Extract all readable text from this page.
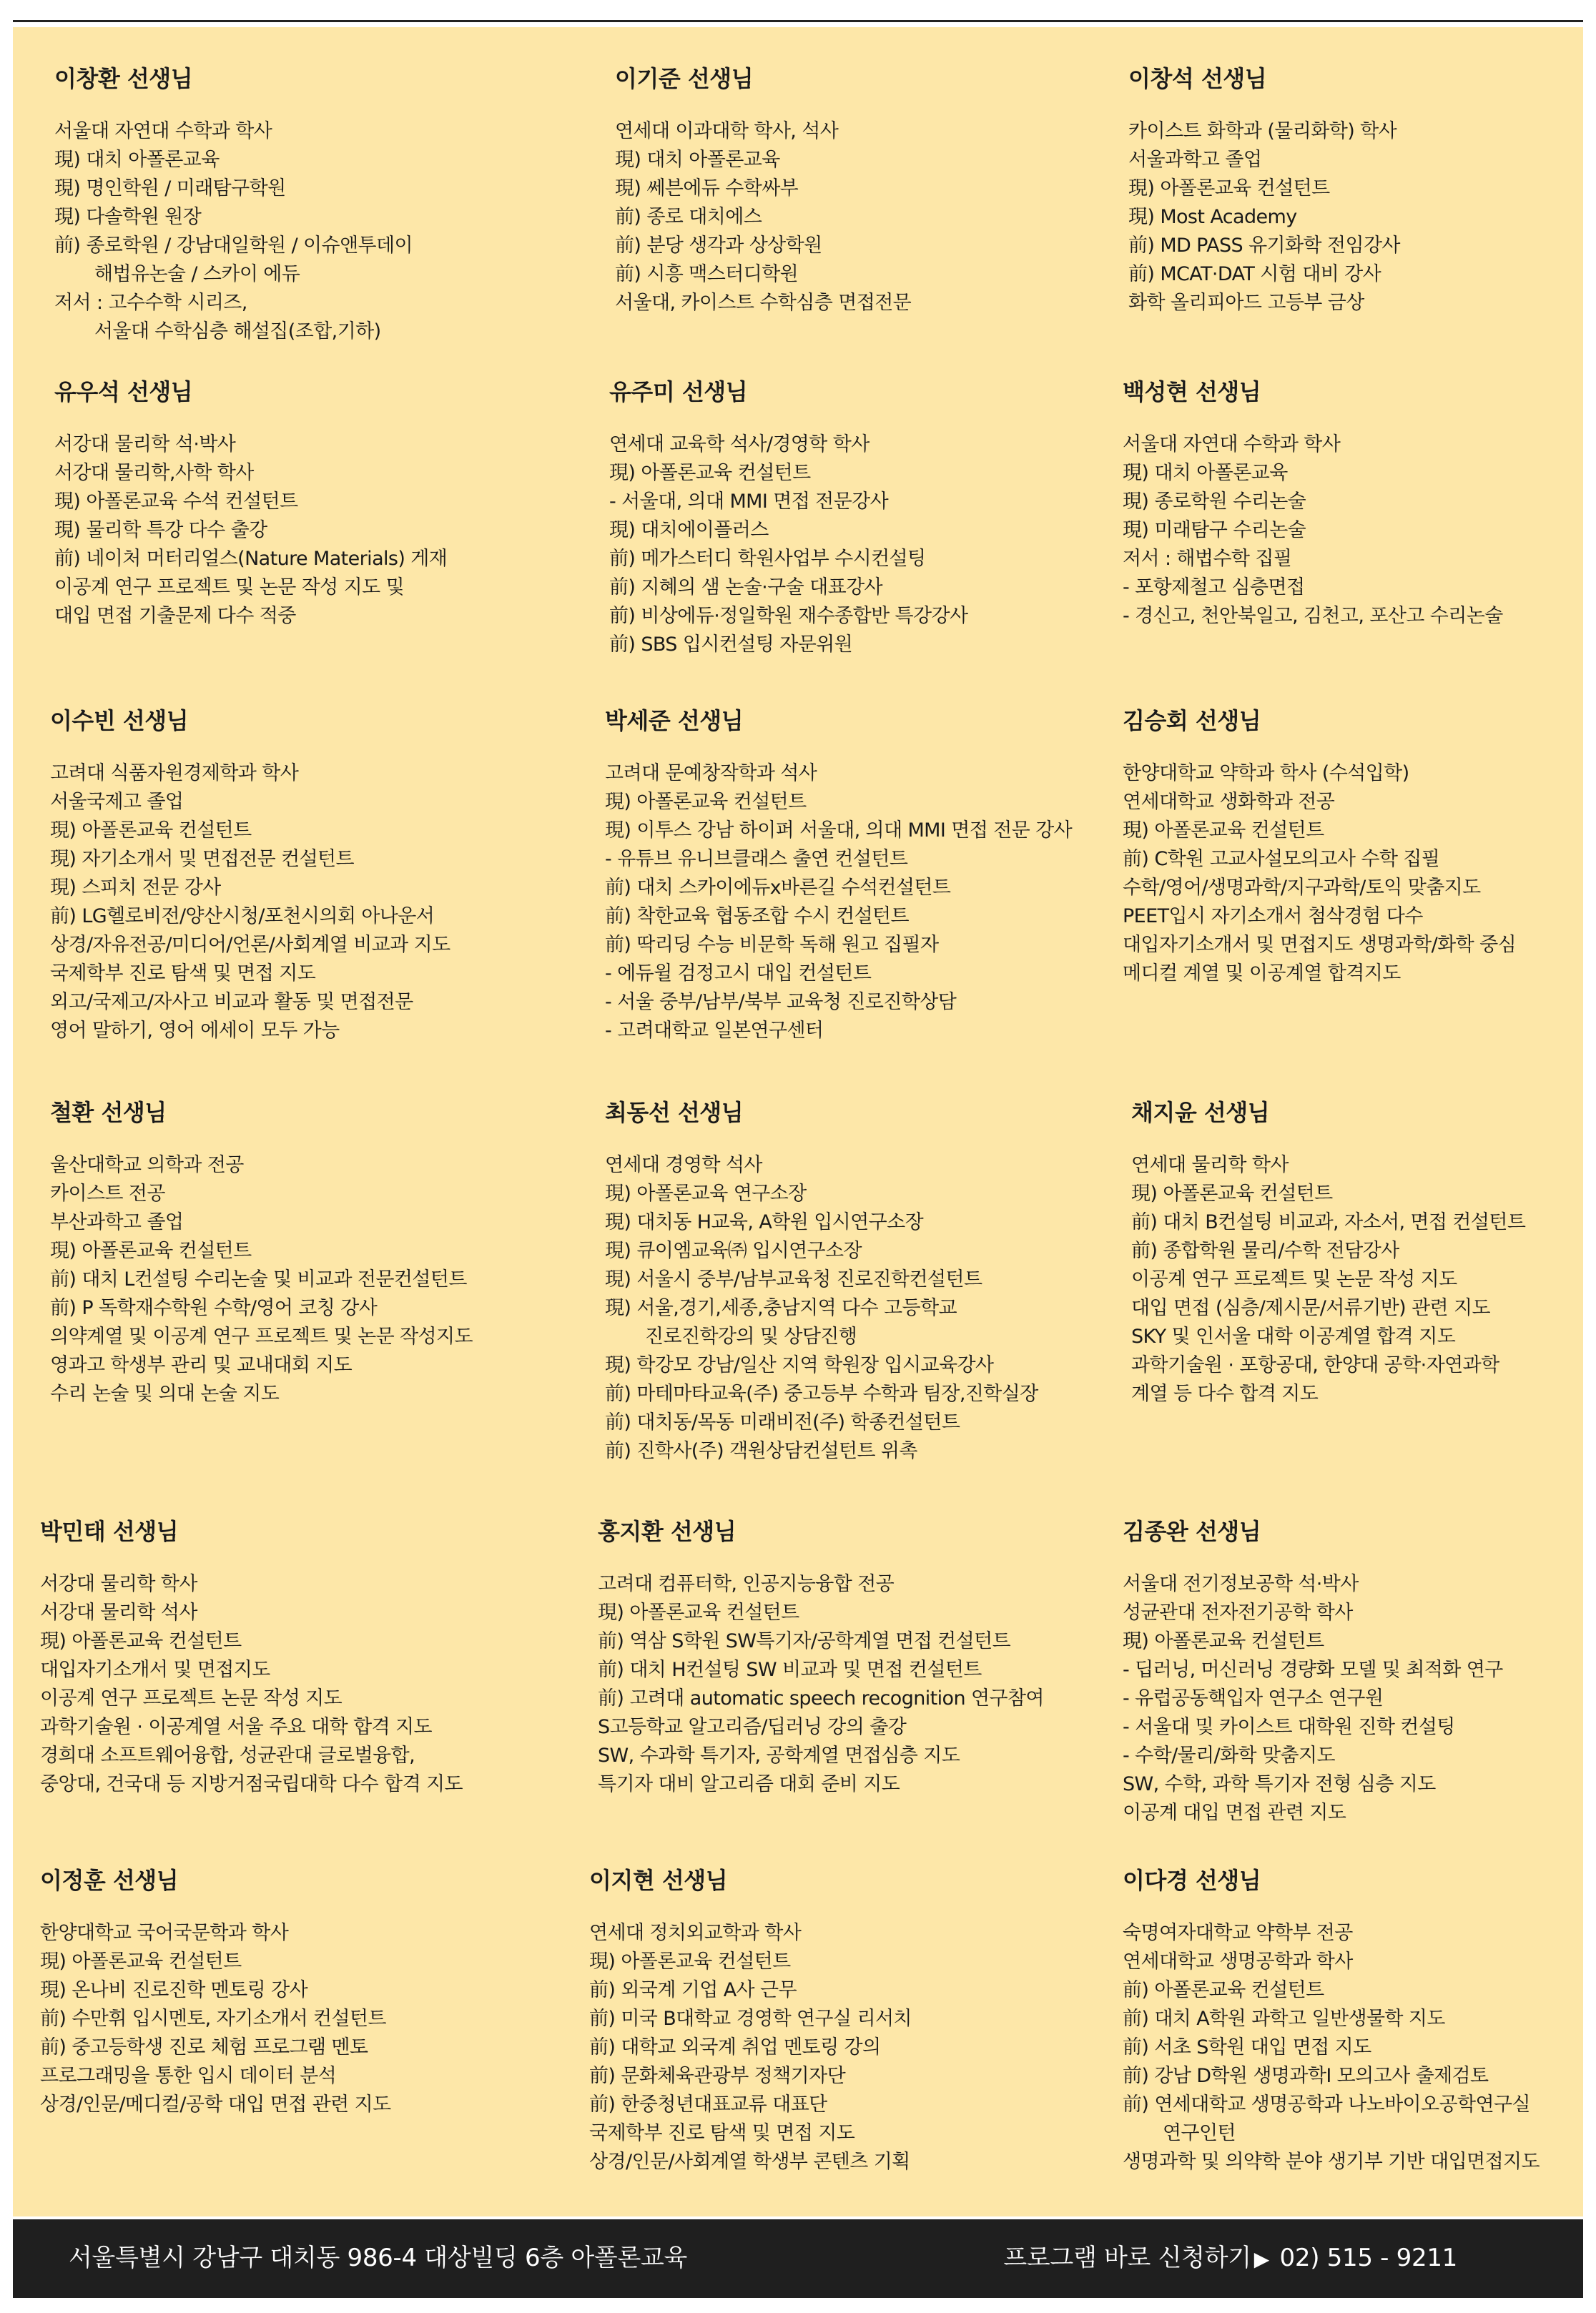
이창환 선생님
서울대 자연대 수학과 학사
現) 대치 아폴론교육
現) 명인학원 / 미래탐구학원
現) 다솔학원 원장
前) 종로학원 / 강남대일학원 / 이슈앤투데이
해법유논술 / 스카이 에듀
저서 : 고수수학 시리즈,
서울대 수학심층 해설집(조합,기하)
이기준 선생님
연세대 이과대학 학사, 석사
現) 대치 아폴론교육
現) 쎄븐에듀 수학싸부
前) 종로 대치에스
前) 분당 생각과 상상학원
前) 시흥 맥스터디학원
서울대, 카이스트 수학심층 면접전문
이창석 선생님
카이스트 화학과 (물리화학) 학사
서울과학고 졸업
現) 아폴론교육 컨설턴트
現) Most Academy
前) MD PASS 유기화학 전임강사
前) MCAT·DAT 시험 대비 강사
화학 올리피아드 고등부 금상
유우석 선생님
서강대 물리학 석·박사
서강대 물리학,사학 학사
現) 아폴론교육 수석 컨설턴트
現) 물리학 특강 다수 출강
前) 네이처 머터리얼스(Nature Materials) 게재
이공계 연구 프로젝트 및 논문 작성 지도 및
대입 면접 기출문제 다수 적중
유주미 선생님
연세대 교육학 석사/경영학 학사
現) 아폴론교육 컨설턴트
- 서울대, 의대 MMI 면접 전문강사
現) 대치에이플러스
前) 메가스터디 학원사업부 수시컨설팅
前) 지혜의 샘 논술·구술 대표강사
前) 비상에듀·정일학원 재수종합반 특강강사
前) SBS 입시컨설팅 자문위원
백성현 선생님
서울대 자연대 수학과 학사
現) 대치 아폴론교육
現) 종로학원 수리논술
現) 미래탐구 수리논술
저서 : 해법수학 집필
- 포항제철고 심층면접
- 경신고, 천안북일고, 김천고, 포산고 수리논술
이수빈 선생님
고려대 식품자원경제학과 학사
서울국제고 졸업
現) 아폴론교육 컨설턴트
現) 자기소개서 및 면접전문 컨설턴트
現) 스피치 전문 강사
前) LG헬로비전/양산시청/포천시의회 아나운서
상경/자유전공/미디어/언론/사회계열 비교과 지도
국제학부 진로 탐색 및 면접 지도
외고/국제고/자사고 비교과 활동 및 면접전문
영어 말하기, 영어 에세이 모두 가능
박세준 선생님
고려대 문예창작학과 석사
現) 아폴론교육 컨설턴트
現) 이투스 강남 하이퍼 서울대, 의대 MMI 면접 전문 강사
- 유튜브 유니브클래스 출연 컨설턴트
前) 대치 스카이에듀x바른길 수석컨설턴트
前) 착한교육 협동조합 수시 컨설턴트
前) 딱리딩 수능 비문학 독해 원고 집필자
- 에듀윌 검정고시 대입 컨설턴트
- 서울 중부/남부/북부 교육청 진로진학상담
- 고려대학교 일본연구센터
김승회 선생님
한양대학교 약학과 학사 (수석입학)
연세대학교 생화학과 전공
現) 아폴론교육 컨설턴트
前) C학원 고교사설모의고사 수학 집필
수학/영어/생명과학/지구과학/토익 맞춤지도
PEET입시 자기소개서 첨삭경험 다수
대입자기소개서 및 면접지도 생명과학/화학 중심
메디컬 계열 및 이공계열 합격지도
철환 선생님
울산대학교 의학과 전공
카이스트 전공
부산과학고 졸업
現) 아폴론교육 컨설턴트
前) 대치 L컨설팅 수리논술 및 비교과 전문컨설턴트
前) P 독학재수학원 수학/영어 코칭 강사
의약계열 및 이공계 연구 프로젝트 및 논문 작성지도
영과고 학생부 관리 및 교내대회 지도
수리 논술 및 의대 논술 지도
최동선 선생님
연세대 경영학 석사
現) 아폴론교육 연구소장
現) 대치동 H교육, A학원 입시연구소장
現) 큐이엠교육㈜ 입시연구소장
現) 서울시 중부/남부교육청 진로진학컨설턴트
現) 서울,경기,세종,충남지역 다수 고등학교
진로진학강의 및 상담진행
現) 학강모 강남/일산 지역 학원장 입시교육강사
前) 마테마타교육(주) 중고등부 수학과 팀장,진학실장
前) 대치동/목동 미래비전(주) 학종컨설턴트
前) 진학사(주) 객원상담컨설턴트 위촉
채지윤 선생님
연세대 물리학 학사
現) 아폴론교육 컨설턴트
前) 대치 B컨설팅 비교과, 자소서, 면접 컨설턴트
前) 종합학원 물리/수학 전담강사
이공계 연구 프로젝트 및 논문 작성 지도
대입 면접 (심층/제시문/서류기반) 관련 지도
SKY 및 인서울 대학 이공계열 합격 지도
과학기술원 · 포항공대, 한양대 공학·자연과학
계열 등 다수 합격 지도
박민태 선생님
서강대 물리학 학사
서강대 물리학 석사
現) 아폴론교육 컨설턴트
대입자기소개서 및 면접지도
이공계 연구 프로젝트 논문 작성 지도
과학기술원 · 이공계열 서울 주요 대학 합격 지도
경희대 소프트웨어융합, 성균관대 글로벌융합,
중앙대, 건국대 등 지방거점국립대학 다수 합격 지도
홍지환 선생님
고려대 컴퓨터학, 인공지능융합 전공
現) 아폴론교육 컨설턴트
前) 역삼 S학원 SW특기자/공학계열 면접 컨설턴트
前) 대치 H컨설팅 SW 비교과 및 면접 컨설턴트
前) 고려대 automatic speech recognition 연구참여
S고등학교 알고리즘/딥러닝 강의 출강
SW, 수과학 특기자, 공학계열 면접심층 지도
특기자 대비 알고리즘 대회 준비 지도
김종완 선생님
서울대 전기정보공학 석·박사
성균관대 전자전기공학 학사
現) 아폴론교육 컨설턴트
- 딥러닝, 머신러닝 경량화 모델 및 최적화 연구
- 유럽공동핵입자 연구소 연구원
- 서울대 및 카이스트 대학원 진학 컨설팅
- 수학/물리/화학 맞춤지도
SW, 수학, 과학 특기자 전형 심층 지도
이공계 대입 면접 관련 지도
이정훈 선생님
한양대학교 국어국문학과 학사
現) 아폴론교육 컨설턴트
現) 온나비 진로진학 멘토링 강사
前) 수만휘 입시멘토, 자기소개서 컨설턴트
前) 중고등학생 진로 체험 프로그램 멘토
프로그래밍을 통한 입시 데이터 분석
상경/인문/메디컬/공학 대입 면접 관련 지도
이지현 선생님
연세대 정치외교학과 학사
現) 아폴론교육 컨설턴트
前) 외국계 기업 A사 근무
前) 미국 B대학교 경영학 연구실 리서치
前) 대학교 외국계 취업 멘토링 강의
前) 문화체육관광부 정책기자단
前) 한중청년대표교류 대표단
국제학부 진로 탐색 및 면접 지도
상경/인문/사회계열 학생부 콘텐츠 기획
이다경 선생님
숙명여자대학교 약학부 전공
연세대학교 생명공학과 학사
前) 아폴론교육 컨설턴트
前) 대치 A학원 과학고 일반생물학 지도
前) 서초 S학원 대입 면접 지도
前) 강남 D학원 생명과학I 모의고사 출제검토
前) 연세대학교 생명공학과 나노바이오공학연구실
연구인턴
생명과학 및 의약학 분야 생기부 기반 대입면접지도
서울특별시 강남구 대치동 986-4 대상빌딩 6층 아폴론교육	프로그램 바로 신청하기 ▶ 02) 515 - 9211
